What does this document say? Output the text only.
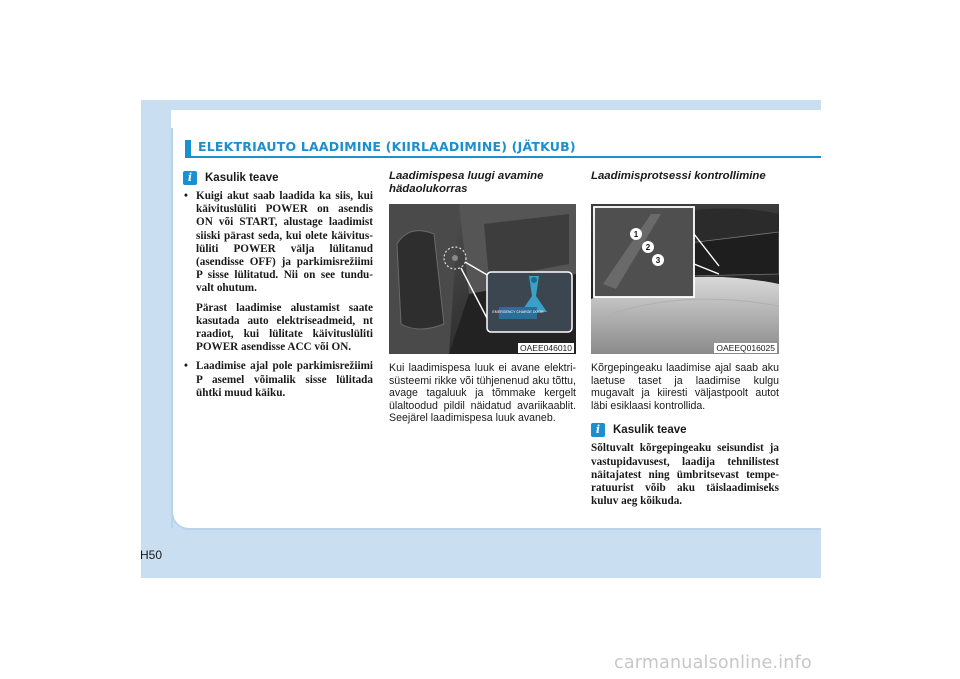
ELEKTRIAUTO LAADIMINE (KIIRLAADIMINE) (JÄTKUB)
i	Kasulik teave
• Kuigi akut saab laadida ka siis, kui käivituslüliti POWER on asendis ON või START, alustage laadimist siiski pärast seda, kui olete käivitus-lüliti POWER välja lülitanud (asendisse OFF) ja parkimisrežiimi P sisse lülitatud. Nii on see tundu-valt ohutum.
Pärast laadimise alustamist saate kasutada auto elektriseadmeid, nt raadiot, kui lülitate käivituslüliti POWER asendisse ACC või ON.
• Laadimise ajal pole parkimisrežiimi P asemel võimalik sisse lülitada ühtki muud käiku.
Laadimispesa luugi avamine hädaolukorras
EMERGENCY CHARGE DOOR
OAEE046010
Kui laadimispesa luuk ei avane elektri-süsteemi rikke või tühjenenud aku tõttu, avage tagaluuk ja tõmmake kergelt ülaltoodud pildil näidatud avariikaablit. Seejärel laadimispesa luuk avaneb.
Laadimisprotsessi kontrollimine
1
2
3
OAEEQ016025
Kõrgepingeaku laadimise ajal saab aku laetuse taset ja laadimise kulgu mugavalt ja kiiresti väljastpoolt autot läbi esiklaasi kontrollida.
i	Kasulik teave
Sõltuvalt kõrgepingeaku seisundist ja vastupidavusest, laadija tehnilistest näitajatest ning ümbritsevast tempe-ratuurist võib aku täislaadimiseks kuluv aeg kõikuda.
H50
carmanualsonline.info
